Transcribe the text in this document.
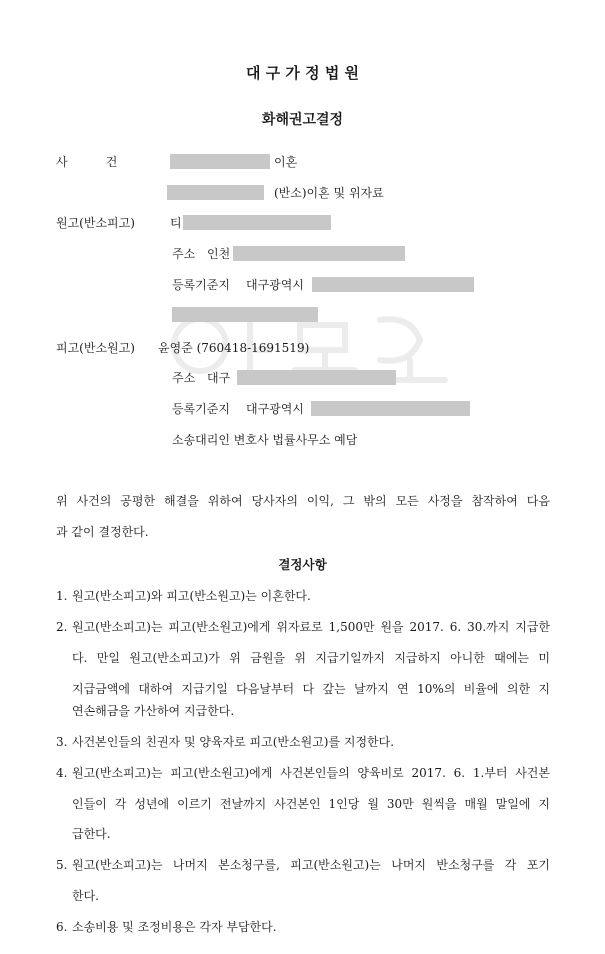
대 구 가 정 법 원
화해권고결정
사          건	이혼
(반소)이혼 및 위자료
원고(반소피고)	티
주소 인천
등록기준지 대구광역시
피고(반소원고) 윤영준 (760418-1691519)
주소 대구
등록기준지 대구광역시
소송대리인 변호사 법률사무소 예담
위 사건의 공평한 해결을 위하여 당사자의 이익, 그 밖의 모든 사정을 참작하여 다음
과 같이 결정한다.
결정사항
1. 원고(반소피고)와 피고(반소원고)는 이혼한다.
2. 원고(반소피고)는 피고(반소원고)에게 위자료로 1,500만 원을 2017. 6. 30.까지 지급한
다. 만일 원고(반소피고)가 위 금원을 위 지급기일까지 지급하지 아니한 때에는 미
지급금액에 대하여 지급기일 다음날부터 다 갚는 날까지 연 10%의 비율에 의한 지
연손해금을 가산하여 지급한다.
3. 사건본인들의 친권자 및 양육자로 피고(반소원고)를 지정한다.
4. 원고(반소피고)는 피고(반소원고)에게 사건본인들의 양육비로 2017. 6. 1.부터 사건본
인들이 각 성년에 이르기 전날까지 사건본인 1인당 월 30만 원씩을 매월 말일에 지
급한다.
5. 원고(반소피고)는 나머지 본소청구를, 피고(반소원고)는 나머지 반소청구를 각 포기
한다.
6. 소송비용 및 조정비용은 각자 부담한다.
